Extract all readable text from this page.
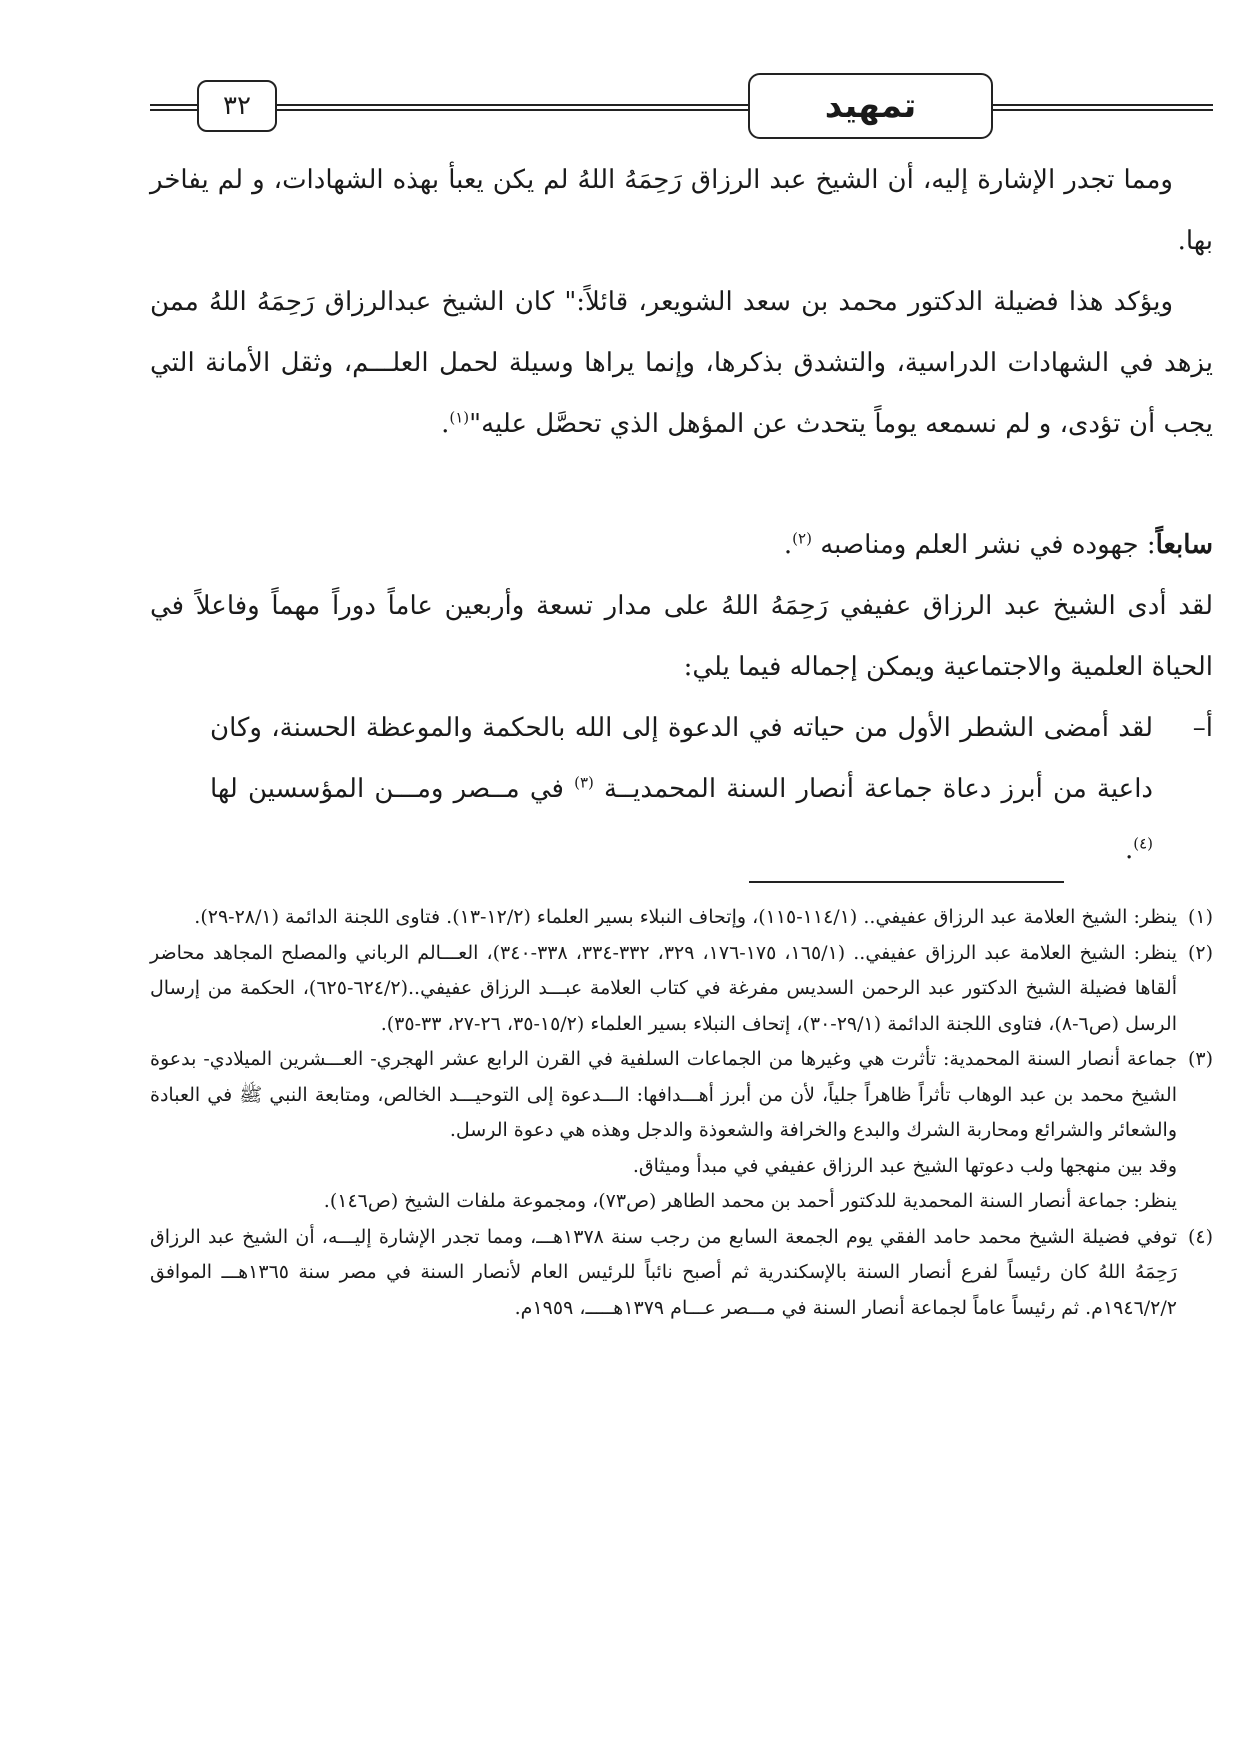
٣٢	تمهيد

ومما تجدر الإشارة إليه، أن الشيخ عبد الرزاق رَحِمَهُ اللهُ لم يكن يعبأ بهذه الشهادات، و لم يفاخر بها.

ويؤكد هذا فضيلة الدكتور محمد بن سعد الشويعر، قائلاً:" كان الشيخ عبدالرزاق رَحِمَهُ اللهُ ممن يزهد في الشهادات الدراسية، والتشدق بذكرها، وإنما يراها وسيلة لحمل العلـــم، وثقل الأمانة التي يجب أن تؤدى، و لم نسمعه يوماً يتحدث عن المؤهل الذي تحصَّل عليه"$^{(١)}$.

سابعاً: جهوده في نشر العلم ومناصبه $^{(٢)}$.

لقد أدى الشيخ عبد الرزاق عفيفي رَحِمَهُ اللهُ على مدار تسعة وأربعين عاماً دوراً مهماً وفاعلاً في الحياة العلمية والاجتماعية ويمكن إجماله فيما يلي:

أ–
لقد أمضى الشطر الأول من حياته في الدعوة إلى الله بالحكمة والموعظة الحسنة، وكان داعية من أبرز دعاة جماعة أنصار السنة المحمديــة $^{(٣)}$ في مــصر ومـــن المؤسسين لها $^{(٤)}$.
(١)

ينظر: الشيخ العلامة عبد الرزاق عفيفي.. (١١٤/١-١١٥)، وإتحاف النبلاء بسير العلماء (١٢/٢-١٣). فتاوى اللجنة الدائمة (٢٨/١-٢٩).

(٢)

ينظر: الشيخ العلامة عبد الرزاق عفيفي.. (١٦٥/١، ١٧٥-١٧٦، ٣٢٩، ٣٣٢-٣٣٤، ٣٣٨-٣٤٠)، العـــالم الرباني والمصلح المجاهد محاضر ألقاها فضيلة الشيخ الدكتور عبد الرحمن السديس مفرغة في كتاب العلامة عبـــد الرزاق عفيفي..(٦٢٤/٢-٦٢٥)، الحكمة من إرسال الرسل (ص٦-٨)، فتاوى اللجنة الدائمة (٢٩/١-٣٠)، إتحاف النبلاء بسير العلماء (١٥/٢-٣٥، ٢٦-٢٧، ٣٣-٣٥).

(٣)

جماعة أنصار السنة المحمدية: تأثرت هي وغيرها من الجماعات السلفية في القرن الرابع عشر الهجري- العـــشرين الميلادي- بدعوة الشيخ محمد بن عبد الوهاب تأثراً ظاهراً جلياً، لأن من أبرز أهـــدافها: الـــدعوة إلى التوحيـــد الخالص، ومتابعة النبي ﷺ في العبادة والشعائر والشرائع ومحاربة الشرك والبدع والخرافة والشعوذة والدجل وهذه هي دعوة الرسل.

وقد بين منهجها ولب دعوتها الشيخ عبد الرزاق عفيفي في مبدأ وميثاق.

ينظر: جماعة أنصار السنة المحمدية للدكتور أحمد بن محمد الطاهر (ص٧٣)، ومجموعة ملفات الشيخ (ص١٤٦).

(٤)

توفي فضيلة الشيخ محمد حامد الفقي يوم الجمعة السابع من رجب سنة ١٣٧٨هـــ، ومما تجدر الإشارة إليـــه، أن الشيخ عبد الرزاق رَحِمَهُ اللهُ كان رئيساً لفرع أنصار السنة بالإسكندرية ثم أصبح نائباً للرئيس العام لأنصار السنة في مصر سنة ١٣٦٥هـــ الموافق ١٩٤٦/٢/٢م. ثم رئيساً عاماً لجماعة أنصار السنة في مـــصر عـــام ١٣٧٩هـــــ، ١٩٥٩م.
